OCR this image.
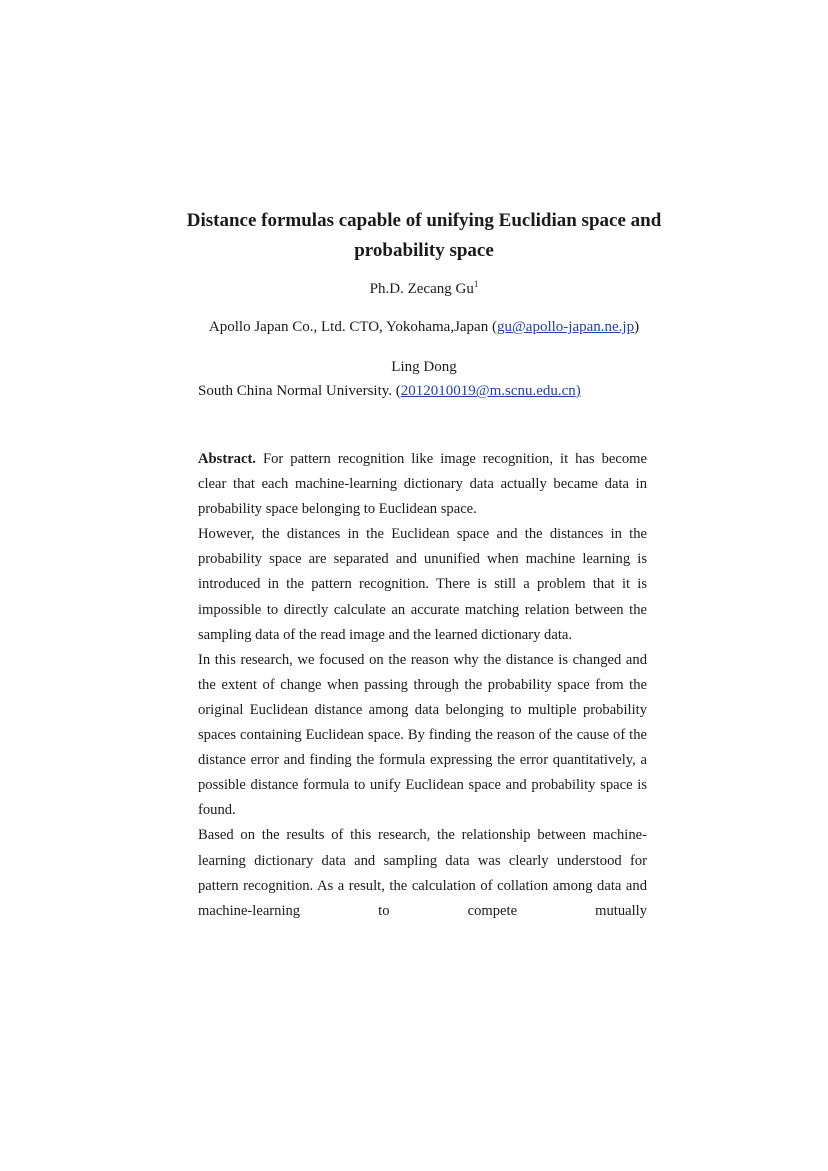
Distance formulas capable of unifying Euclidian space and
probability space
Ph.D. Zecang Gu$^1$
Apollo Japan Co., Ltd. CTO, Yokohama,Japan (gu@apollo-japan.ne.jp)
Ling Dong
South China Normal University. (2012010019@m.scnu.edu.cn)

Abstract. For pattern recognition like image recognition, it has become clear that each machine-learning dictionary data actually became data in probability space belonging to Euclidean space.

However, the distances in the Euclidean space and the distances in the probability space are separated and ununified when machine learning is introduced in the pattern recognition. There is still a problem that it is impossible to directly calculate an accurate matching relation between the sampling data of the read image and the learned dictionary data.

In this research, we focused on the reason why the distance is changed and the extent of change when passing through the probability space from the original Euclidean distance among data belonging to multiple probability spaces containing Euclidean space. By finding the reason of the cause of the distance error and finding the formula expressing the error quantitatively, a possible distance formula to unify Euclidean space and probability space is found.

Based on the results of this research, the relationship between machine-learning dictionary data and sampling data was clearly understood for pattern recognition. As a result, the calculation of collation among data and machine-learning to compete mutually
